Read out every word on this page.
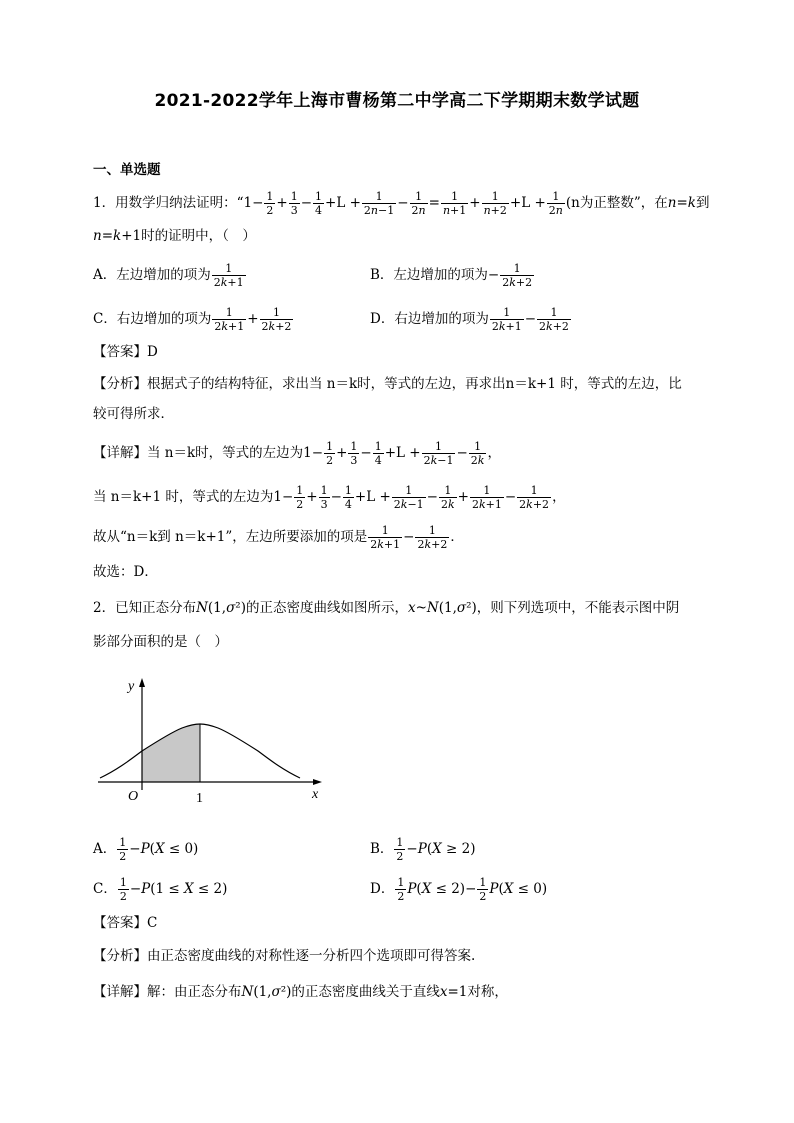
2021-2022学年上海市曹杨第二中学高二下学期期末数学试题
一、单选题
1．用数学归纳法证明：“$1- \frac{1}{2} + \frac{1}{3} - \frac{1}{4} +L + \frac{1}{2n-1} - \frac{1}{2n} = \frac{1}{n+1} + \frac{1}{n+2} +L + \frac{1}{2n} (n$为正整数”，在n=k到
n=k+1时的证明中，（　）
A．左边增加的项为 $\frac{1}{2k+1}$	B．左边增加的项为− $\frac{1}{2k+2}$
C．右边增加的项为 $\frac{1}{2k+1} + \frac{1}{2k+2}$	D．右边增加的项为 $\frac{1}{2k+1} - \frac{1}{2k+2}$
【答案】D
【分析】根据式子的结构特征，求出当 n＝k时，等式的左边，再求出n＝k+1 时，等式的左边，比
较可得所求．
【详解】当 n＝k时，等式的左边为$1- \frac{1}{2} + \frac{1}{3} - \frac{1}{4} +L + \frac{1}{2k-1} - \frac{1}{2k}$ ，
当 n＝k+1 时，等式的左边为$1- \frac{1}{2} + \frac{1}{3} - \frac{1}{4} +L + \frac{1}{2k-1} - \frac{1}{2k} + \frac{1}{2k+1} - \frac{1}{2k+2}$ ，
故从“n＝k到 n＝k+1”，左边所要添加的项是 $\frac{1}{2k+1} - \frac{1}{2k+2}$ ．
故选：D．
2．已知正态分布N(1,σ²)的正态密度曲线如图所示，x~N(1,σ²)，则下列选项中，不能表示图中阴
影部分面积的是（　）
y
x
O	1
A． $\frac{1}{2} -P(X \le 0)$	B． $\frac{1}{2} -P(X \ge 2)$
C． $\frac{1}{2} -P(1 \le X \le 2)$	D． $\frac{1}{2} P(X \le 2)- \frac{1}{2} P(X \le 0)$
【答案】C
【分析】由正态密度曲线的对称性逐一分析四个选项即可得答案.
【详解】解：由正态分布N(1,σ²)的正态密度曲线关于直线x=1对称，
